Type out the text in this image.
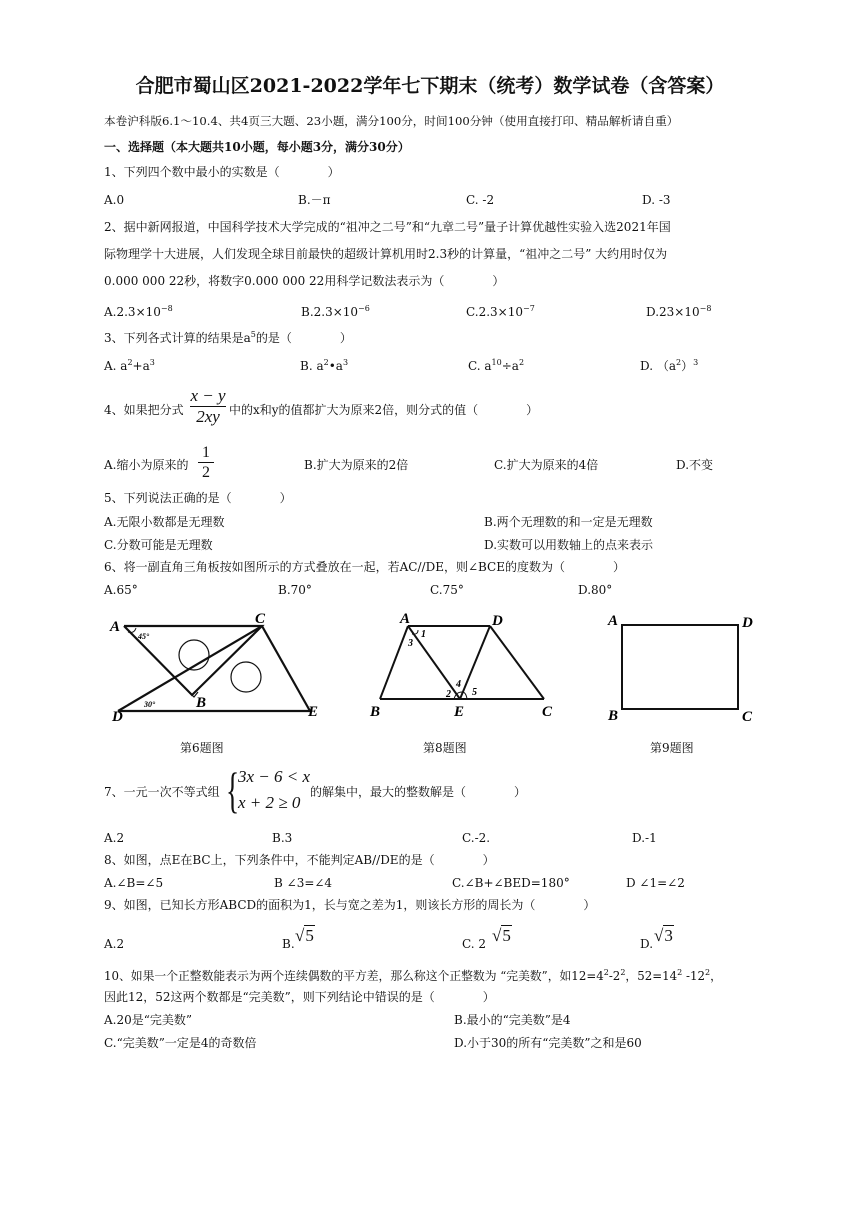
合肥市蜀山区2021-2022学年七下期末（统考）数学试卷（含答案）
本卷沪科版6.1～10.4、共4页三大题、23小题，满分100分，时间100分钟（使用直接打印、精品解析请自重）
一、选择题（本大题共10小题，每小题3分，满分30分）
1、下列四个数中最小的实数是（　　　　）
A.0	B.－π	C. -2	D. -3
2、据中新网报道，中国科学技术大学完成的“祖冲之二号”和“九章二号”量子计算优越性实验入选2021年国
际物理学十大进展，人们发现全球目前最快的超级计算机用时2.3秒的计算量，“祖冲之二号” 大约用时仅为
0.000 000 22秒，将数字0.000 000 22用科学记数法表示为（　　　　）
$A.2.3\times 10^{-8}$	$B.2.3\times 10^{-6}$	$C.2.3\times 10^{-7}$	$D.23\times 10^{-8}$
3、下列各式计算的结果是$a^5$的是（　　　　）
A. $a^2+a^3$	B. $a^2•a^3$	C. $a^{10}\div a^2$	D. $(a^2)^3$
4、如果把分式 $\frac{x - y}{2xy}$ 中的x和y的值都扩大为原来2倍，则分式的值（　　　　）
A.缩小为原来的 $\frac{1}{2}$	B.扩大为原来的2倍	C.扩大为原来的4倍	D.不变
5、下列说法正确的是（　　　　）
A.无限小数都是无理数	B.两个无理数的和一定是无理数
C.分数可能是无理数	D.实数可以用数轴上的点来表示
6、将一副直角三角板按如图所示的方式叠放在一起，若AC//DE，则∠BCE的度数为（　　　　）
A.65°	B.70°	C.75°	D.80°
A	C
B
D	E
45°
30°
第6题图
A	D
B	E	C
1
3
2
4
5
第8题图
A	D
B	C
第9题图
7、一元一次不等式组 {
3x − 6 < x
x + 2 ≥ 0
的解集中，最大的整数解是（　　　　）
A.2	B.3	C.-2.	D.-1
8、如图，点E在BC上，下列条件中，不能判定AB//DE的是（　　　　）
A.∠B=∠5	B ∠3=∠4	C.∠B+∠BED=180°	D ∠1=∠2
9、如图，已知长方形ABCD的面积为1，长与宽之差为1，则该长方形的周长为（　　　　）
A.2	B. √5	C. 2 √5	D. √3
10、如果一个正整数能表示为两个连续偶数的平方差，那么称这个正整数为 “完美数”，如$12=4^2-2^2$，$52=14^2$ $-12^2$，
因此12，52这两个数都是“完美数”，则下列结论中错误的是（　　　　）
A.20是“完美数”	B.最小的“完美数”是4
C.“完美数”一定是4的奇数倍	D.小于30的所有“完美数”之和是60
